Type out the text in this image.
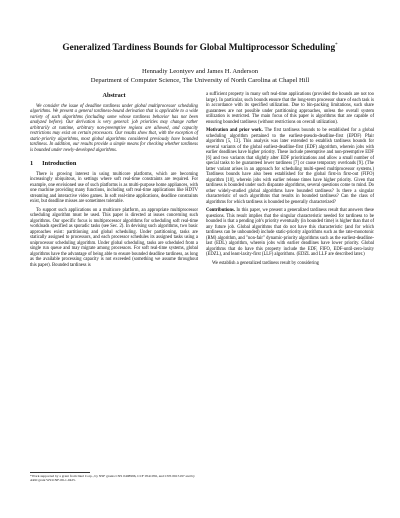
Generalized Tardiness Bounds for Global Multiprocessor Scheduling*
Hennadiy Leontyev and James H. Anderson
Department of Computer Science, The University of North Carolina at Chapel Hill
Abstract

We consider the issue of deadline tardiness under global multiprocessor scheduling algorithms. We present a general tardiness-bound derivation that is applicable to a wide variety of such algorithms (including some whose tardiness behavior has not been analyzed before). Our derivation is very general: job priorities may change rather arbitrarily at runtime, arbitrary non-preemptive regions are allowed, and capacity restrictions may exist on certain processors. Our results show that, with the exception of static-priority algorithms, most global algorithms considered previously have bounded tardiness. In addition, our results provide a simple means for checking whether tardiness is bounded under newly-developed algorithms.

1 Introduction

There is growing interest in using multicore platforms, which are becoming increasingly ubiquitous, in settings where soft real-time constraints are required. For example, one envisioned use of such platforms is as multi-purpose home appliances, with one machine providing many functions, including soft real-time applications like HDTV streaming and interactive video games. In soft real-time applications, deadline constraints exist, but deadline misses are sometimes tolerable.

To support such applications on a multicore platform, an appropriate multiprocessor scheduling algorithm must be used. This paper is directed at issues concerning such algorithms. Our specific focus is multiprocessor algorithms for scheduling soft real-time workloads specified as sporadic tasks (see Sec. 2). In devising such algorithms, two basic approaches exist: partitioning and global scheduling. Under partitioning, tasks are statically assigned to processors, and each processor schedules its assigned tasks using a uniprocessor scheduling algorithm. Under global scheduling, tasks are scheduled from a single run queue and may migrate among processors. For soft real-time systems, global algorithms have the advantage of being able to ensure bounded deadline tardiness, as long as the available processing capacity is not exceeded (something we assume throughout this paper). Bounded tardiness is

a sufficient property in many soft real-time applications (provided the bounds are not too large). In particular, such bounds ensure that the long-term processor share of each task is in accordance with its specified utilization. Due to bin-packing limitations, such share guarantees are not possible under partitioning approaches, unless the overall system utilization is restricted. The main focus of this paper is algorithms that are capable of ensuring bounded tardiness (without restrictions on overall utilization).

Motivation and prior work. The first tardiness bounds to be established for a global scheduling algorithm pertained to the earliest-pseudo-deadline-first (EPDF) Pfair algorithm [5, 13]. This analysis was later extended to establish tardiness bounds for several variants of the global earliest-deadline-first (EDF) algorithm, wherein jobs with earlier deadlines have higher priority. These include preemptive and non-preemptive EDF [6] and two variants that slightly alter EDF prioritizations and allow a small number of special tasks to be guaranteed lower tardiness [7] or cause temporary overloads [9]. (The latter variant arises in an approach for scheduling multi-speed multiprocessor systems.) Tardiness bounds have also been established for the global first-in first-out (FIFO) algorithm [10], wherein jobs with earlier release times have higher priority. Given that tardiness is bounded under such disparate algorithms, several questions come to mind. Do other widely-studied global algorithms have bounded tardiness? Is there a singular characteristic of such algorithms that results in bounded tardiness? Can the class of algorithms for which tardiness is bounded be generally characterized?

Contributions. In this paper, we present a generalized tardiness result that answers these questions. This result implies that the singular characteristic needed for tardiness to be bounded is that a pending job's priority eventually (in bounded time) is higher than that of any future job. Global algorithms that do not have this characteristic (and for which tardiness can be unbounded) include static-priority algorithms such as the rate-monotonic (RM) algorithm, and "non-fair" dynamic-priority algorithms such as the earliest-deadline-last (EDL) algorithm, wherein jobs with earlier deadlines have lower priority. Global algorithms that do have this property include the EDF, FIFO, EDF-until-zero-laxity (EDZL), and least-laxity-first (LLF) algorithms. (EDZL and LLF are described later.)

We establish a generalized tardiness result by considering

*Work supported by a grant from Intel Corp., by NSF grants CNS 0408996, CCF 0541056, and CNS 0615197 and by ARO grant W911NF-06-1-0425.
